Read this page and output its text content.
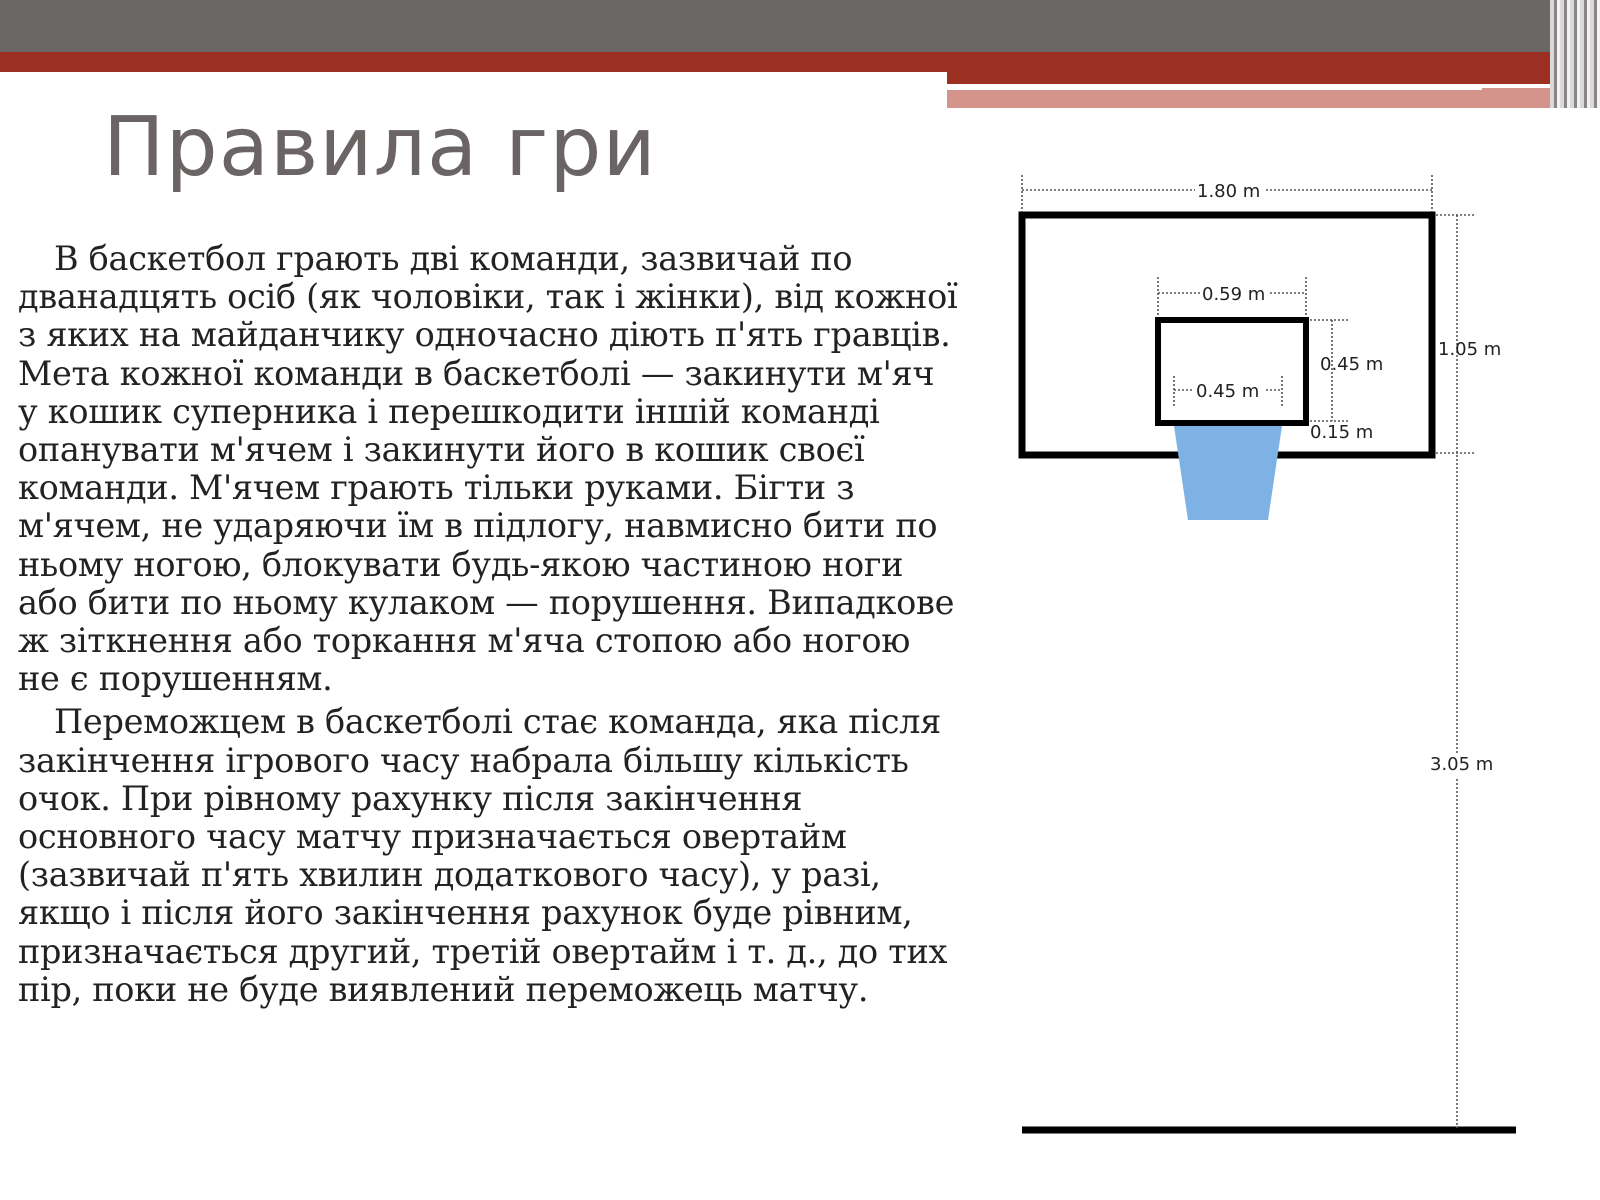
Правила гри

В баскетбол грають дві команди, зазвичай по дванадцять осіб (як чоловіки, так і жінки), від кожної з яких на майданчику одночасно діють п'ять гравців. Мета кожної команди в баскетболі — закинути м'яч у кошик суперника і перешкодити іншій команді опанувати м'ячем і закинути його в кошик своєї команди. М'ячем грають тільки руками. Бігти з м'ячем, не ударяючи їм в підлогу, навмисно бити по ньому ногою, блокувати будь-якою частиною ноги або бити по ньому кулаком — порушення. Випадкове ж зіткнення або торкання м'яча стопою або ногою не є порушенням.

Переможцем в баскетболі стає команда, яка після закінчення ігрового часу набрала більшу кількість очок. При рівному рахунку після закінчення основного часу матчу призначається овертайм (зазвичай п'ять хвилин додаткового часу), у разі, якщо і після його закінчення рахунок буде рівним, призначається другий, третій овертайм і т. д., до тих пір, поки не буде виявлений переможець матчу.

1.80 m
0.59 m
0.45 m
0.45 m
0.15 m
1.05 m
3.05 m
